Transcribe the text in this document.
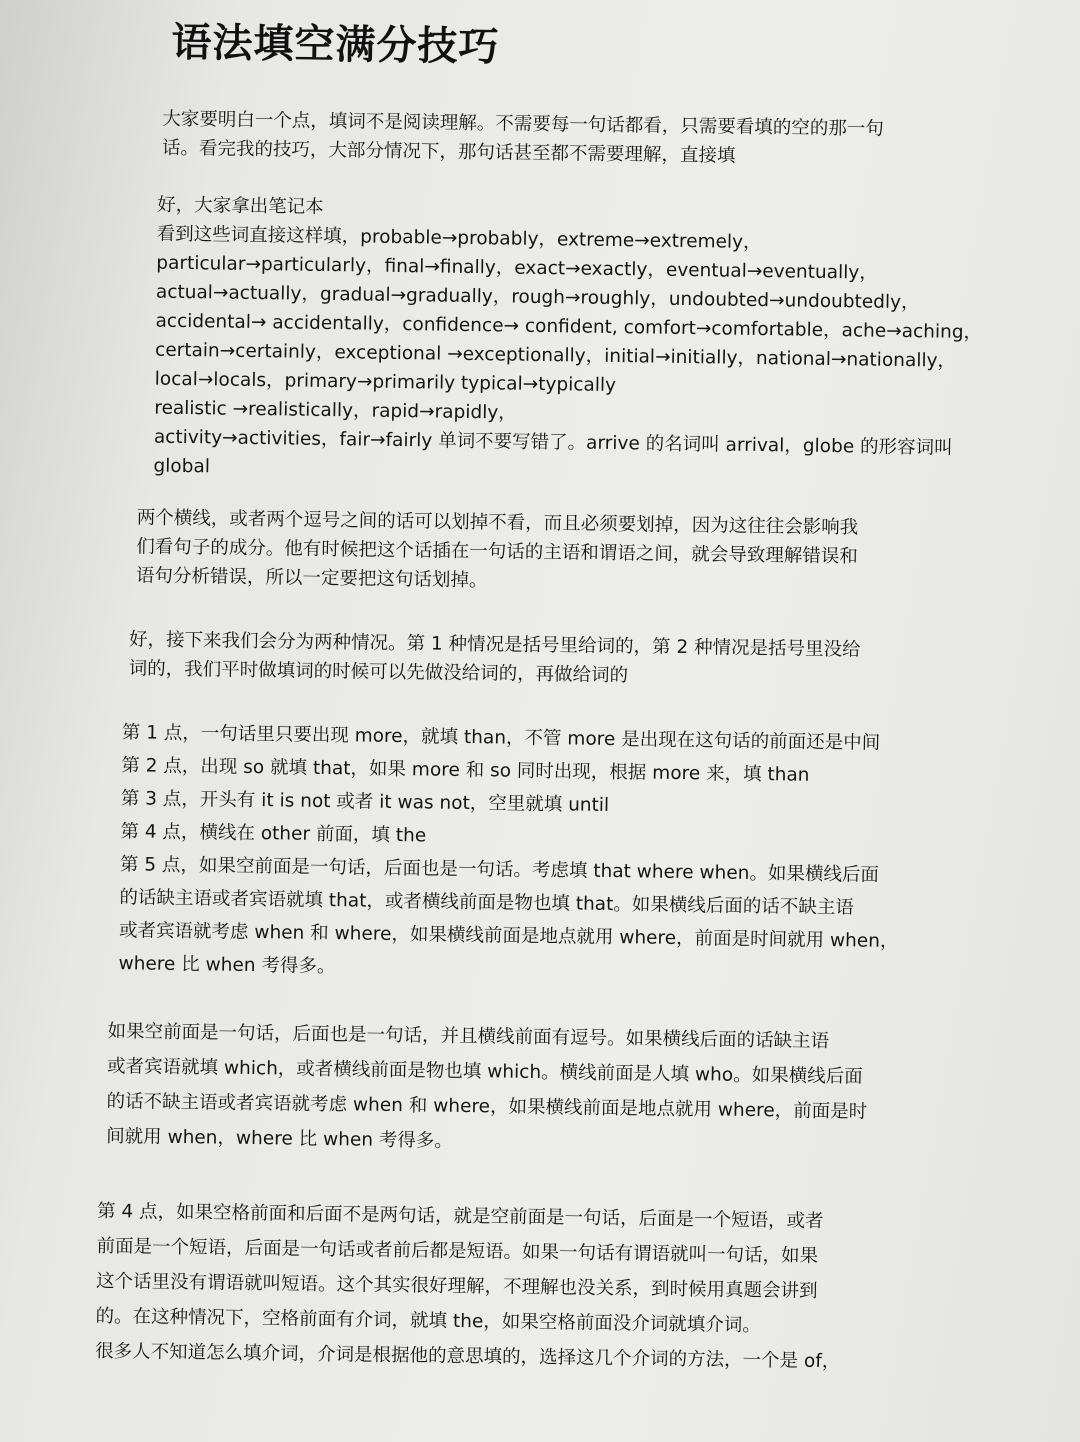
语法填空满分技巧
大家要明白一个点，填词不是阅读理解。不需要每一句话都看，只需要看填的空的那一句
话。看完我的技巧，大部分情况下，那句话甚至都不需要理解，直接填
好，大家拿出笔记本
看到这些词直接这样填，probable→probably，extreme→extremely，
particular→particularly，final→finally，exact→exactly，eventual→eventually，
actual→actually，gradual→gradually，rough→roughly，undoubted→undoubtedly，
accidental→ accidentally，confidence→ confident, comfort→comfortable，ache→aching，
certain→certainly，exceptional →exceptionally，initial→initially，national→nationally，
local→locals，primary→primarily typical→typically
realistic →realistically，rapid→rapidly，
activity→activities，fair→fairly 单词不要写错了。arrive 的名词叫 arrival，globe 的形容词叫
global
两个横线，或者两个逗号之间的话可以划掉不看，而且必须要划掉，因为这往往会影响我
们看句子的成分。他有时候把这个话插在一句话的主语和谓语之间，就会导致理解错误和
语句分析错误，所以一定要把这句话划掉。
好，接下来我们会分为两种情况。第 1 种情况是括号里给词的，第 2 种情况是括号里没给
词的，我们平时做填词的时候可以先做没给词的，再做给词的
第 1 点，一句话里只要出现 more，就填 than，不管 more 是出现在这句话的前面还是中间
第 2 点，出现 so 就填 that，如果 more 和 so 同时出现，根据 more 来，填 than
第 3 点，开头有 it is not 或者 it was not，空里就填 until
第 4 点，横线在 other 前面，填 the
第 5 点，如果空前面是一句话，后面也是一句话。考虑填 that where when。如果横线后面
的话缺主语或者宾语就填 that，或者横线前面是物也填 that。如果横线后面的话不缺主语
或者宾语就考虑 when 和 where，如果横线前面是地点就用 where，前面是时间就用 when，
where 比 when 考得多。
如果空前面是一句话，后面也是一句话，并且横线前面有逗号。如果横线后面的话缺主语
或者宾语就填 which，或者横线前面是物也填 which。横线前面是人填 who。如果横线后面
的话不缺主语或者宾语就考虑 when 和 where，如果横线前面是地点就用 where，前面是时
间就用 when，where 比 when 考得多。
第 4 点，如果空格前面和后面不是两句话，就是空前面是一句话，后面是一个短语，或者
前面是一个短语，后面是一句话或者前后都是短语。如果一句话有谓语就叫一句话，如果
这个话里没有谓语就叫短语。这个其实很好理解，不理解也没关系，到时候用真题会讲到
的。在这种情况下，空格前面有介词，就填 the，如果空格前面没介词就填介词。
很多人不知道怎么填介词，介词是根据他的意思填的，选择这几个介词的方法，一个是 of，
